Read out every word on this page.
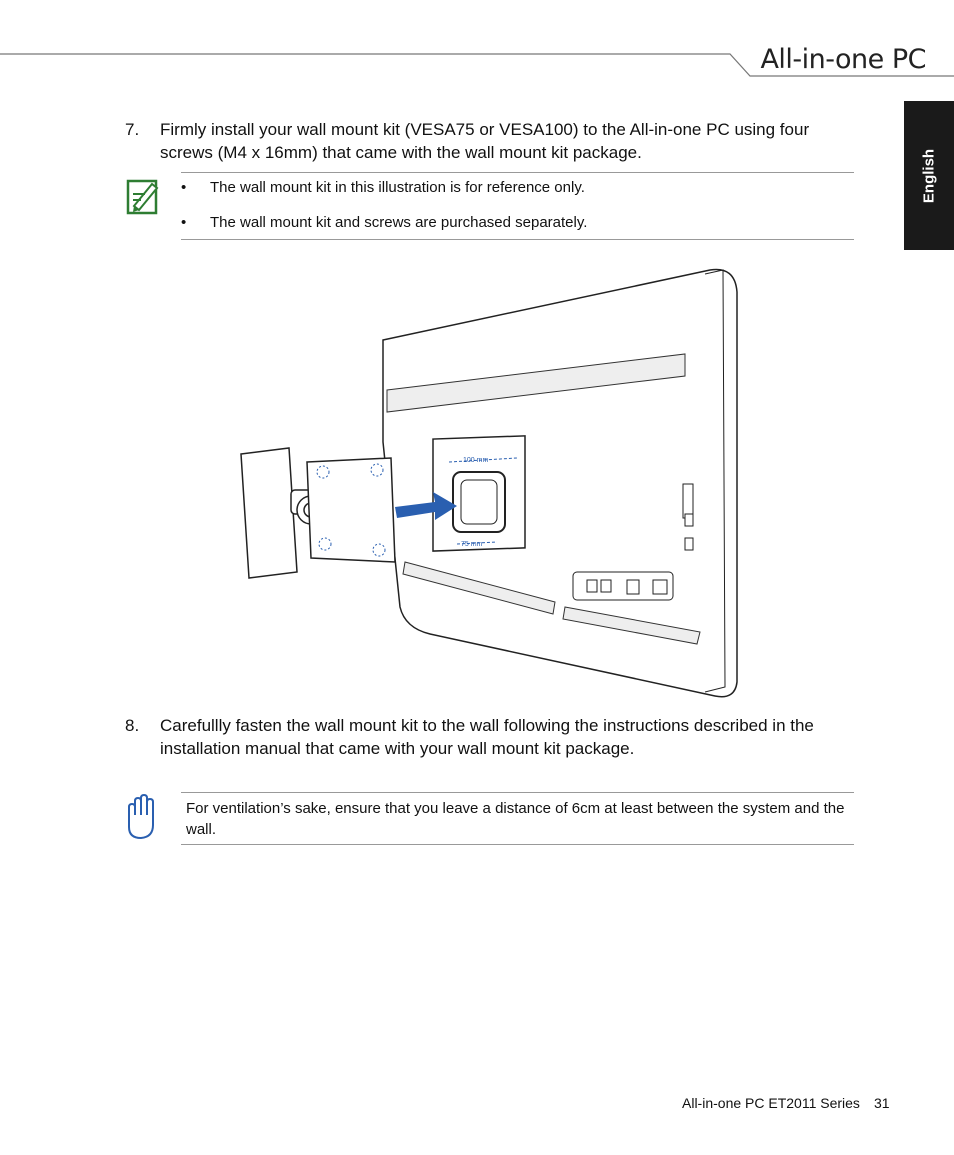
All-in-one PC
English
7. Firmly install your wall mount kit (VESA75 or VESA100) to the All-in-one PC using four screws (M4 x 16mm) that came with the wall mount kit package.
• The wall mount kit in this illustration is for reference only.
• The wall mount kit and screws are purchased separately.
100 mm
75 mm
8. Carefullly fasten the wall mount kit to the wall following the instructions described in the installation manual that came with your wall mount kit package.
For ventilation’s sake, ensure that you leave a distance of 6cm at least between the system and the wall.
All-in-one PC ET2011 Series 31
